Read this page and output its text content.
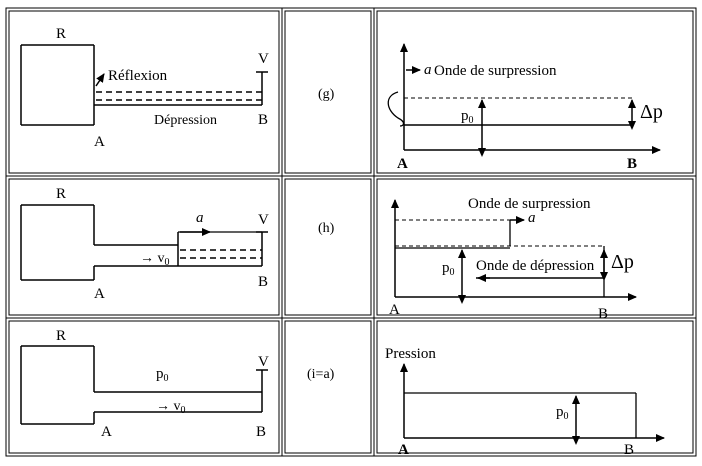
R
V
Réflexion
Dépression
A
B
(g)
a Onde de surpression
$p_0$	Δp
A	B
R
V
a
→ $v_0$
A
B
(h)
a
Onde de surpression
Onde de dépression
$p_0$	Δp
A	B
R
V
$p_0$
→ $v_0$
A	B
(i=a)
Pression
$p_0$
A	B
